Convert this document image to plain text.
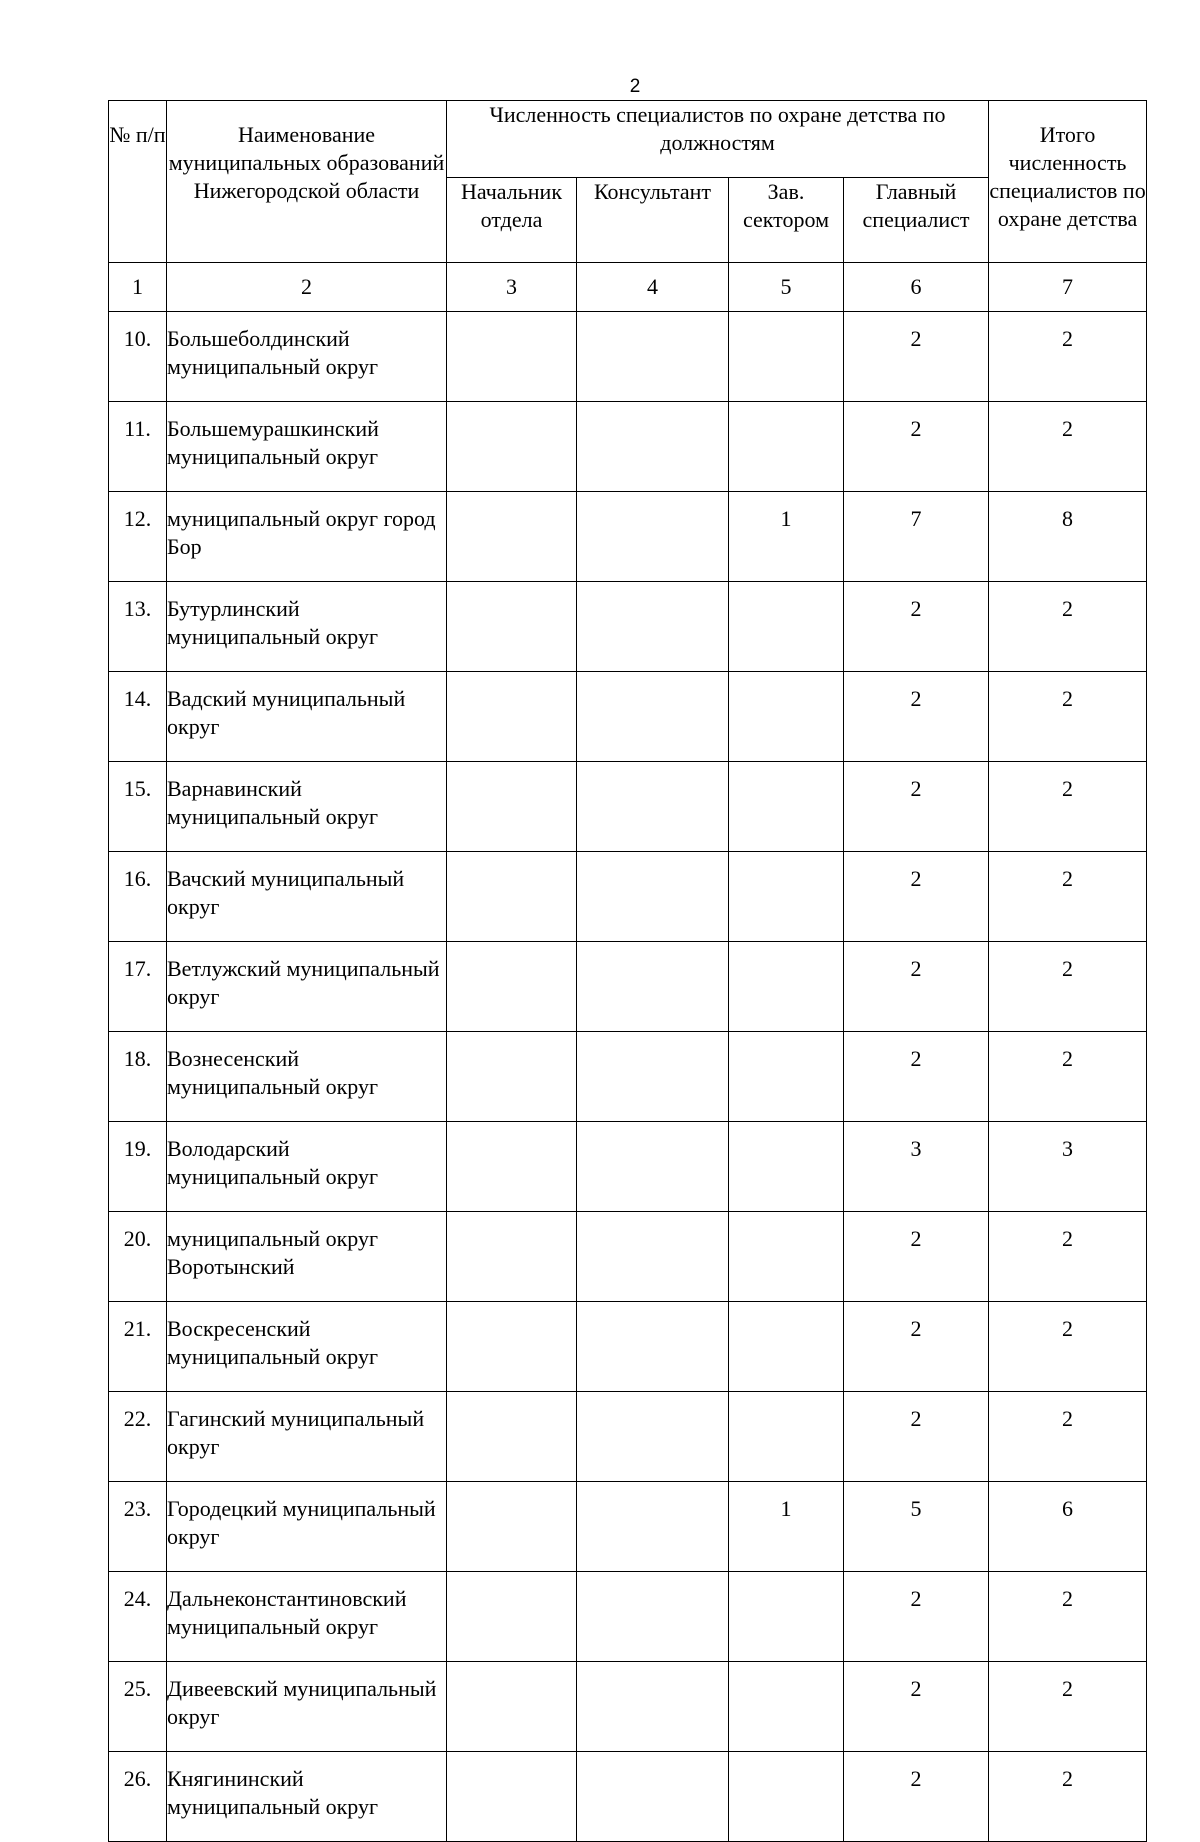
2
№ п/п	Наименование муниципальных образований Нижегородской области	Численность специалистов по охране детства по должностям				Итого численность специалистов по охране детства
		Начальник отдела	Консультант	Зав. сектором	Главный специалист	
1	2	3	4	5	6	7
10.	Большеболдинский муниципальный округ				2	2
11.	Большемурашкинский муниципальный округ				2	2
12.	муниципальный округ город Бор			1	7	8
13.	Бутурлинский муниципальный округ				2	2
14.	Вадский муниципальный округ				2	2
15.	Варнавинский муниципальный округ				2	2
16.	Вачский муниципальный округ				2	2
17.	Ветлужский муниципальный округ				2	2
18.	Вознесенский муниципальный округ				2	2
19.	Володарский муниципальный округ				3	3
20.	муниципальный округ Воротынский				2	2
21.	Воскресенский муниципальный округ				2	2
22.	Гагинский муниципальный округ				2	2
23.	Городецкий муниципальный округ			1	5	6
24.	Дальнеконстантиновский муниципальный округ				2	2
25.	Дивеевский муниципальный округ				2	2
26.	Княгининский муниципальный округ				2	2
